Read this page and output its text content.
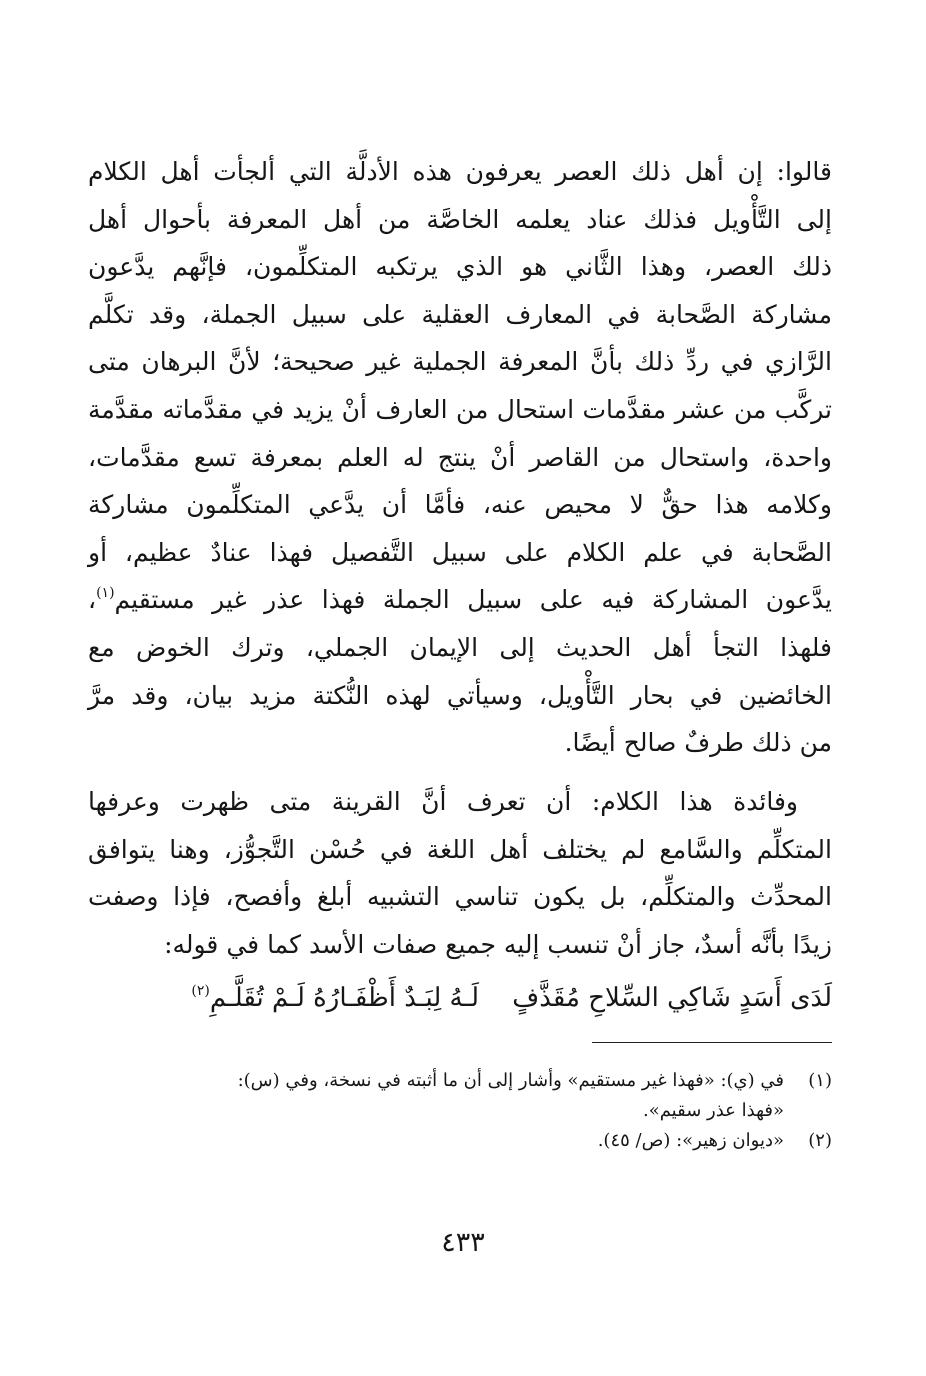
قالوا: إن أهل ذلك العصر يعرفون هذه الأدلَّة التي ألجأت أهل الكلام
إلى التَّأْويل فذلك عناد يعلمه الخاصَّة من أهل المعرفة بأحوال أهل
ذلك العصر، وهذا الثَّاني هو الذي يرتكبه المتكلِّمون، فإنَّهم يدَّعون
مشاركة الصَّحابة في المعارف العقلية على سبيل الجملة، وقد تكلَّم
الرَّازي في ردِّ ذلك بأنَّ المعرفة الجملية غير صحيحة؛ لأنَّ البرهان متى
تركَّب من عشر مقدَّمات استحال من العارف أنْ يزيد في مقدَّماته مقدَّمة
واحدة، واستحال من القاصر أنْ ينتج له العلم بمعرفة تسع مقدَّمات،
وكلامه هذا حقٌّ لا محيص عنه، فأمَّا أن يدَّعي المتكلِّمون مشاركة
الصَّحابة في علم الكلام على سبيل التَّفصيل فهذا عنادٌ عظيم، أو
يدَّعون المشاركة فيه على سبيل الجملة فهذا عذر غير مستقيم$^{(١)}$،
فلهذا التجأ أهل الحديث إلى الإيمان الجملي، وترك الخوض مع
الخائضين في بحار التَّأْويل، وسيأتي لهذه النُّكتة مزيد بيان، وقد مرَّ
من ذلك طرفٌ صالح أيضًا.
وفائدة هذا الكلام: أن تعرف أنَّ القرينة متى ظهرت وعرفها
المتكلِّم والسَّامع لم يختلف أهل اللغة في حُسْن التَّجوُّز، وهنا يتوافق
المحدِّث والمتكلِّم، بل يكون تناسي التشبيه أبلغ وأفصح، فإذا وصفت
زيدًا بأنَّه أسدٌ، جاز أنْ تنسب إليه جميع صفات الأسد كما في قوله:
لَدَى أَسَدٍ شَاكِي السِّلاحِ مُقَذَّفٍ
لَـهُ لِبَـدٌ أَظْفَـارُهُ لَـمْ تُقَلَّـمِ$^{(٢)}$
(١)
في (ي): «فهذا غير مستقيم» وأشار إلى أن ما أثبته في نسخة، وفي (س):
«فهذا عذر سقيم».
(٢)
«ديوان زهير»: (ص/ ٤٥).
٤٣٣
